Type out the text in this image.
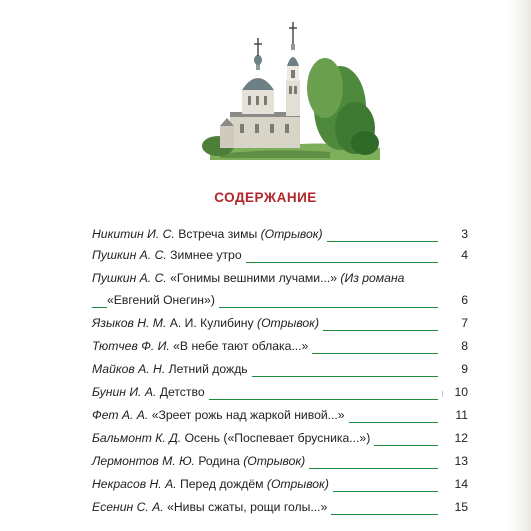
СОДЕРЖАНИЕ
Никитин И. С. Встреча зимы (Отрывок)	3
Пушкин А. С. Зимнее утро	4
Пушкин А. С. «Гонимы вешними лучами...» (Из романа
«Евгений Онегин»)	6
Языков Н. М. А. И. Кулибину (Отрывок)	7
Тютчев Ф. И. «В небе тают облака...»	8
Майков А. Н. Летний дождь	9
Бунин И. А. Детство	10
Фет А. А. «Зреет рожь над жаркой нивой...»	11
Бальмонт К. Д. Осень («Поспевает брусника...»)	12
Лермонтов М. Ю. Родина (Отрывок)	13
Некрасов Н. А. Перед дождём (Отрывок)	14
Есенин С. А. «Нивы сжаты, рощи голы...»	15
ı
